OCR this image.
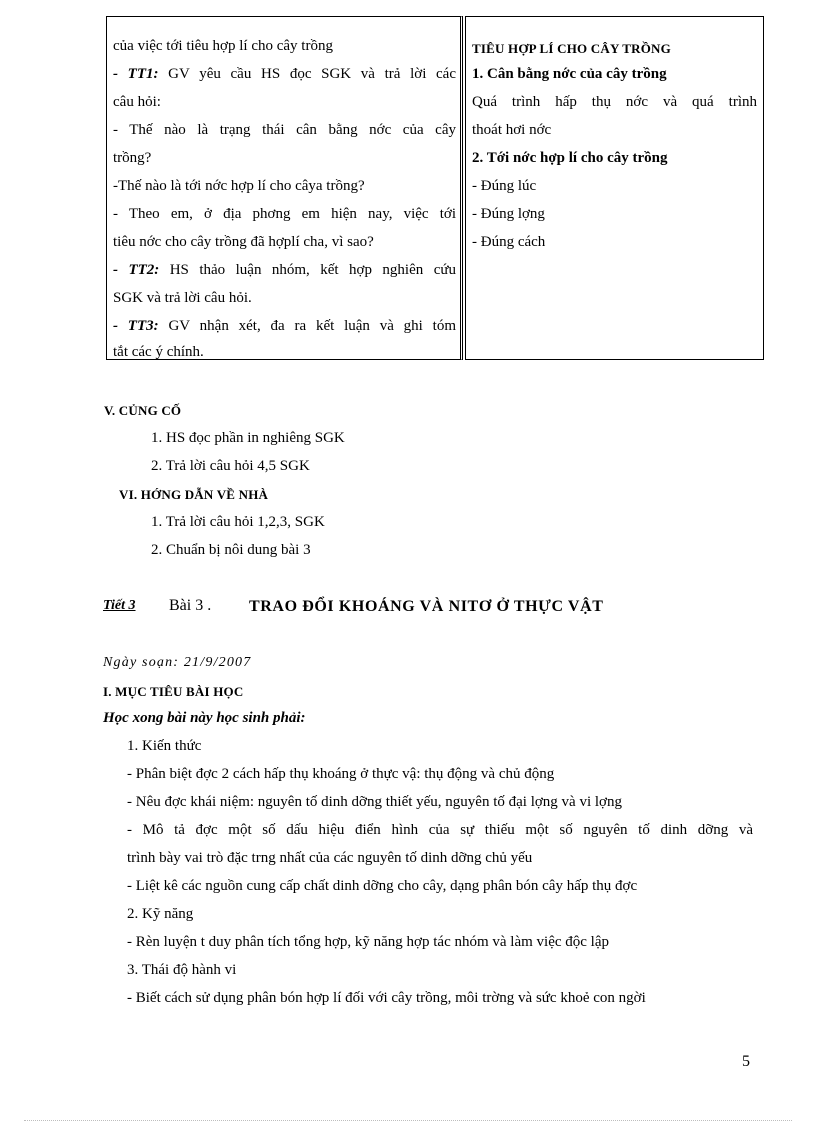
của việc tới tiêu hợp lí cho cây trồng
- TT1: GV yêu cầu HS đọc SGK và trả lời các
câu hỏi:
- Thế nào là trạng thái cân bằng nớc của cây
trồng?
-Thế nào là tới nớc hợp lí cho câya trồng?
- Theo em, ở địa phơng em hiện nay, việc tới
tiêu nớc cho cây trồng đã hợplí cha, vì sao?
- TT2: HS thảo luận nhóm, kết hợp nghiên cứu
SGK và trả lời câu hỏi.
- TT3: GV nhận xét, đa ra kết luận và ghi tóm
tắt các ý chính.
TIÊU HỢP LÍ CHO CÂY TRỒNG
1. Cân bằng nớc của cây trồng
Quá trình hấp thụ nớc và quá trình
thoát hơi nớc
2. Tới nớc hợp lí cho cây trồng
- Đúng lúc
- Đúng lợng
- Đúng cách
V. CỦNG CỐ
1. HS đọc phần in nghiêng SGK
2. Trả lời câu hỏi 4,5 SGK
VI. HỚNG DẪN VỀ NHÀ
1. Trả lời câu hỏi 1,2,3, SGK
2. Chuẩn bị nôi dung bài 3
Tiết 3 Bài 3 . TRAO ĐỔI KHOÁNG VÀ NITƠ Ở THỰC VẬT
Ngày soạn: 21/9/2007
I. MỤC TIÊU BÀI HỌC
Học xong bài này học sinh phải:
1. Kiến thức
- Phân biệt đợc 2 cách hấp thụ khoáng ở thực vậ: thụ động và chủ động
- Nêu đợc khái niệm: nguyên tố dinh dỡng thiết yếu, nguyên tố đại lợng và vi lợng
- Mô tả đợc một số dấu hiệu điển hình của sự thiếu một số nguyên tố dinh dỡng và
trình bày vai trò đặc trng nhất của các nguyên tố dinh dỡng chủ yếu
- Liệt kê các nguồn cung cấp chất dinh dỡng cho cây, dạng phân bón cây hấp thụ đợc
2. Kỹ năng
- Rèn luyện t duy phân tích tổng hợp, kỹ năng hợp tác nhóm và làm việc độc lập
3. Thái độ hành vi
- Biết cách sử dụng phân bón hợp lí đối với cây trồng, môi trờng và sức khoẻ con ngời
5
